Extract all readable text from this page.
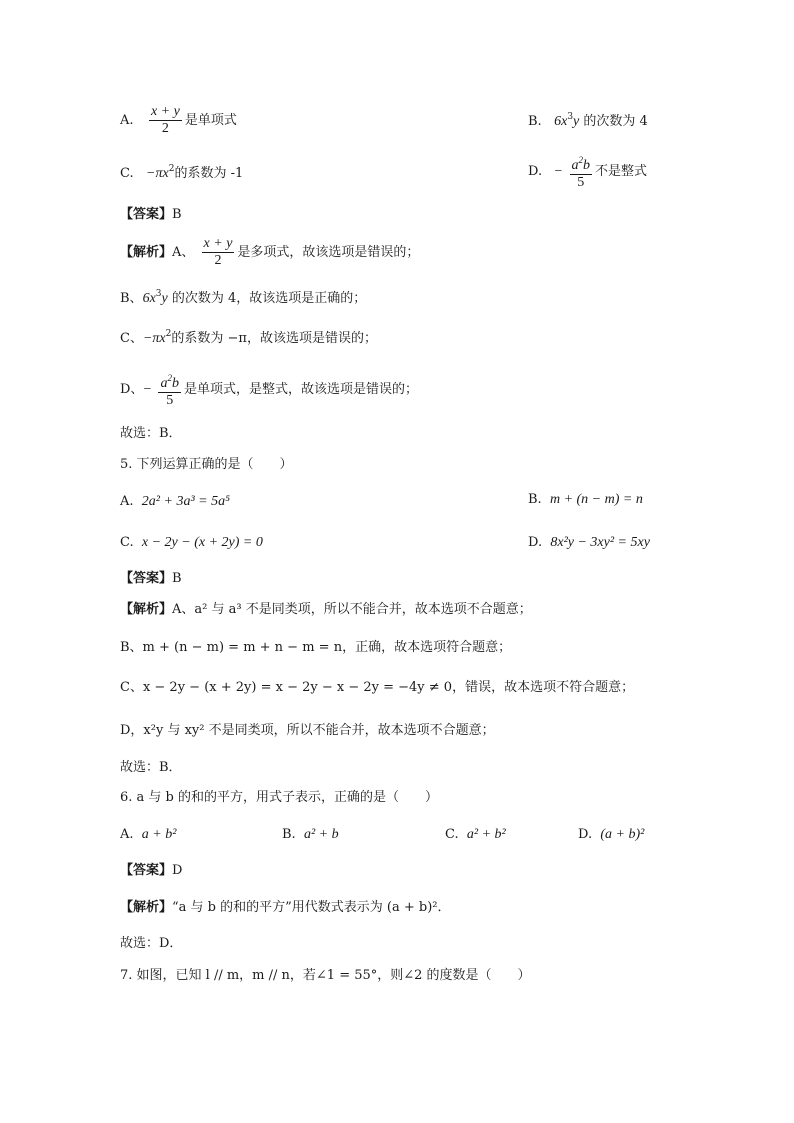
A. $\frac{x + y}{2}$ 是单项式	B. $6x^3y$ 的次数为 4
C. $-\pi x^2$的系数为 -1	D. − $\frac{a^2b}{5}$ 不是整式
【答案】B
【解析】A、 $\frac{x + y}{2}$ 是多项式，故该选项是错误的；
B、$6x^3y$ 的次数为 4，故该选项是正确的；
C、$-\pi x^2$的系数为 −π，故该选项是错误的；
D、− $\frac{a^2b}{5}$ 是单项式，是整式，故该选项是错误的；
故选：B．
5. 下列运算正确的是（　　）
A. 2a² + 3a³ = 5a⁵	B. m + (n − m) = n
C. x − 2y − (x + 2y) = 0	D. 8x²y − 3xy² = 5xy
【答案】B
【解析】A、a² 与 a³ 不是同类项，所以不能合并，故本选项不合题意；
B、m + (n − m) = m + n − m = n，正确，故本选项符合题意；
C、x − 2y − (x + 2y) = x − 2y − x − 2y = −4y ≠ 0，错误，故本选项不符合题意；
D，x²y 与 xy² 不是同类项，所以不能合并，故本选项不合题意；
故选：B．
6. a 与 b 的和的平方，用式子表示，正确的是（　　）
A. a + b²	B. a² + b	C. a² + b²	D. (a + b)²
【答案】D
【解析】“a 与 b 的和的平方”用代数式表示为 (a + b)²．
故选：D．
7. 如图，已知 l // m，m // n，若∠1 = 55°，则∠2 的度数是（　　）
